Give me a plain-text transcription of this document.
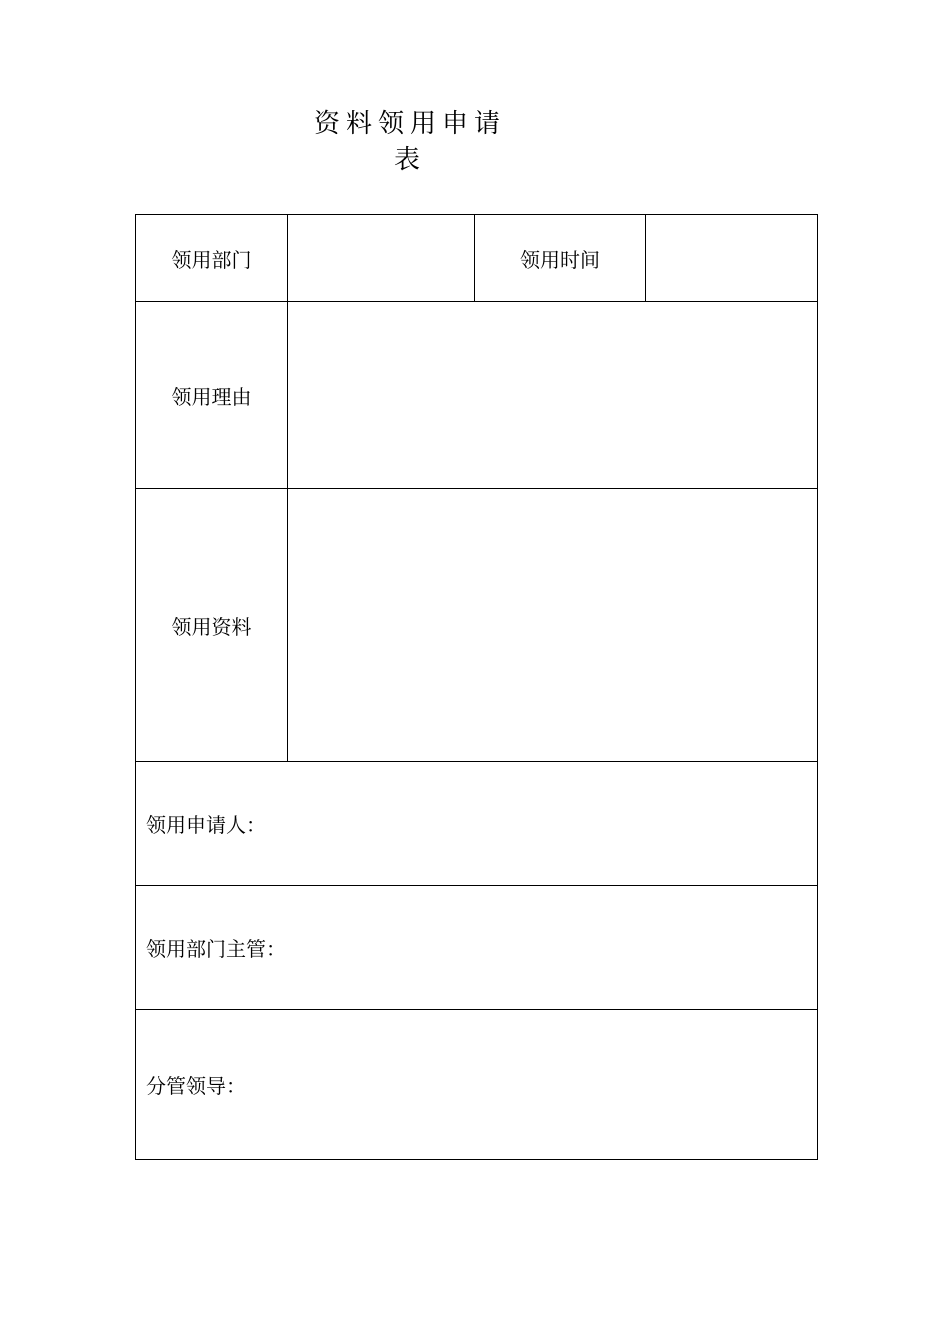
资料领用申请表
领用部门		领用时间	
领用理由			
领用资料			
领用申请人：			
领用部门主管：			
分管领导：			
